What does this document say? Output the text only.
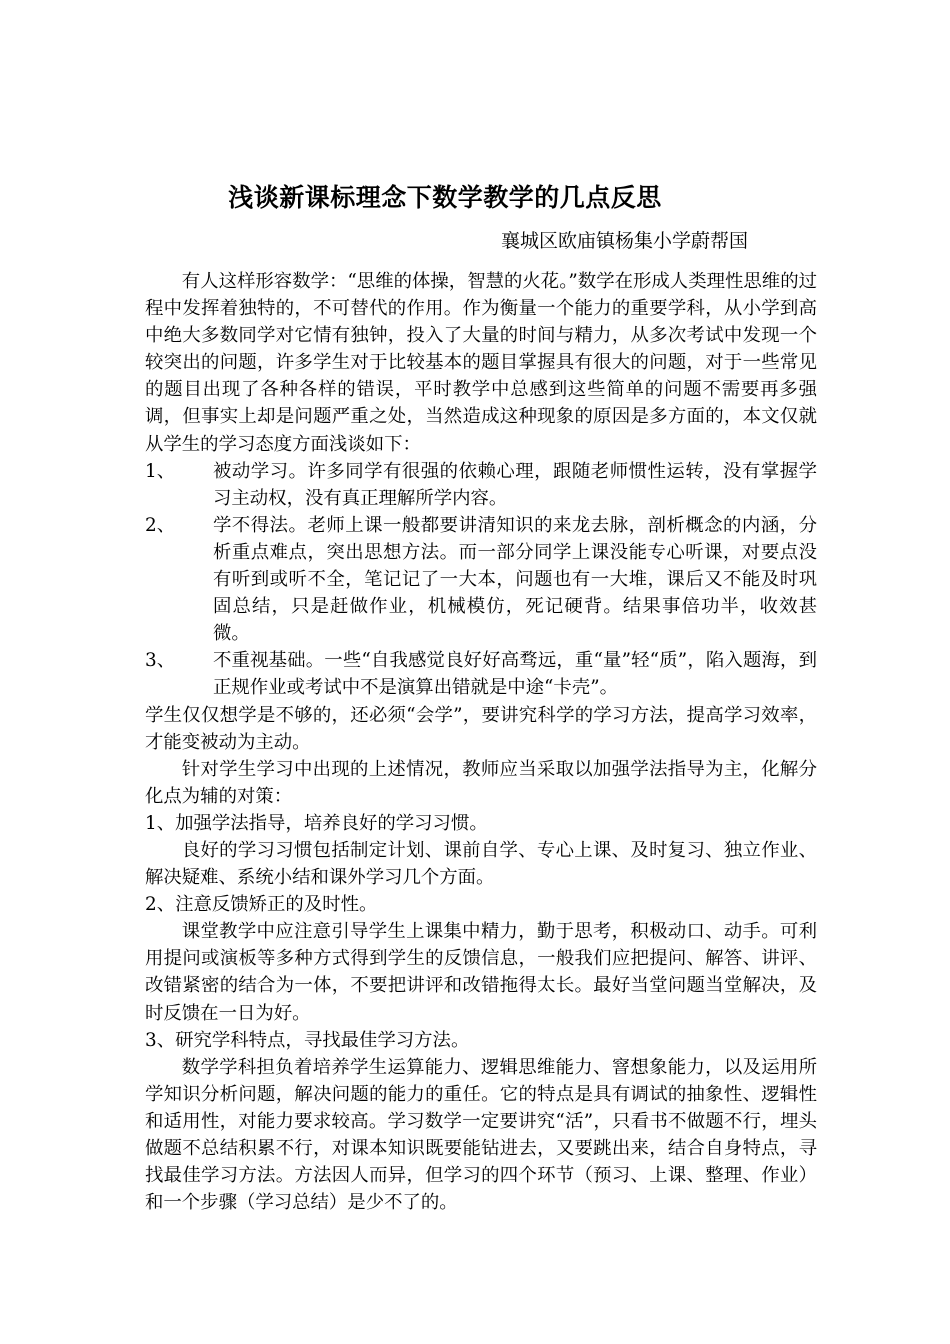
浅谈新课标理念下数学教学的几点反思
襄城区欧庙镇杨集小学蔚帮国

有人这样形容数学：“思维的体操，智慧的火花。”数学在形成人类理性思维的过程中发挥着独特的，不可替代的作用。作为衡量一个能力的重要学科，从小学到高中绝大多数同学对它情有独钟，投入了大量的时间与精力，从多次考试中发现一个较突出的问题，许多学生对于比较基本的题目掌握具有很大的问题，对于一些常见的题目出现了各种各样的错误，平时教学中总感到这些简单的问题不需要再多强调，但事实上却是问题严重之处，当然造成这种现象的原因是多方面的，本文仅就从学生的学习态度方面浅谈如下：

1、	被动学习。许多同学有很强的依赖心理，跟随老师惯性运转，没有掌握学习主动权，没有真正理解所学内容。
2、	学不得法。老师上课一般都要讲清知识的来龙去脉，剖析概念的内涵，分析重点难点，突出思想方法。而一部分同学上课没能专心听课，对要点没有听到或听不全，笔记记了一大本，问题也有一大堆，课后又不能及时巩固总结，只是赶做作业，机械模仿，死记硬背。结果事倍功半，收效甚微。
3、	不重视基础。一些“自我感觉良好好高骛远，重“量”轻“质”，陷入题海，到正规作业或考试中不是演算出错就是中途“卡壳”。

学生仅仅想学是不够的，还必须“会学”，要讲究科学的学习方法，提高学习效率，才能变被动为主动。

针对学生学习中出现的上述情况，教师应当采取以加强学法指导为主，化解分化点为辅的对策：

1、加强学法指导，培养良好的学习习惯。

良好的学习习惯包括制定计划、课前自学、专心上课、及时复习、独立作业、解决疑难、系统小结和课外学习几个方面。

2、注意反馈矫正的及时性。

课堂教学中应注意引导学生上课集中精力，勤于思考，积极动口、动手。可利用提问或演板等多种方式得到学生的反馈信息，一般我们应把提问、解答、讲评、改错紧密的结合为一体，不要把讲评和改错拖得太长。最好当堂问题当堂解决，及时反馈在一日为好。

3、研究学科特点，寻找最佳学习方法。

数学学科担负着培养学生运算能力、逻辑思维能力、窨想象能力，以及运用所学知识分析问题，解决问题的能力的重任。它的特点是具有调试的抽象性、逻辑性和适用性，对能力要求较高。学习数学一定要讲究“活”，只看书不做题不行，埋头做题不总结积累不行，对课本知识既要能钻进去，又要跳出来，结合自身特点，寻找最佳学习方法。方法因人而异，但学习的四个环节（预习、上课、整理、作业）和一个步骤（学习总结）是少不了的。
